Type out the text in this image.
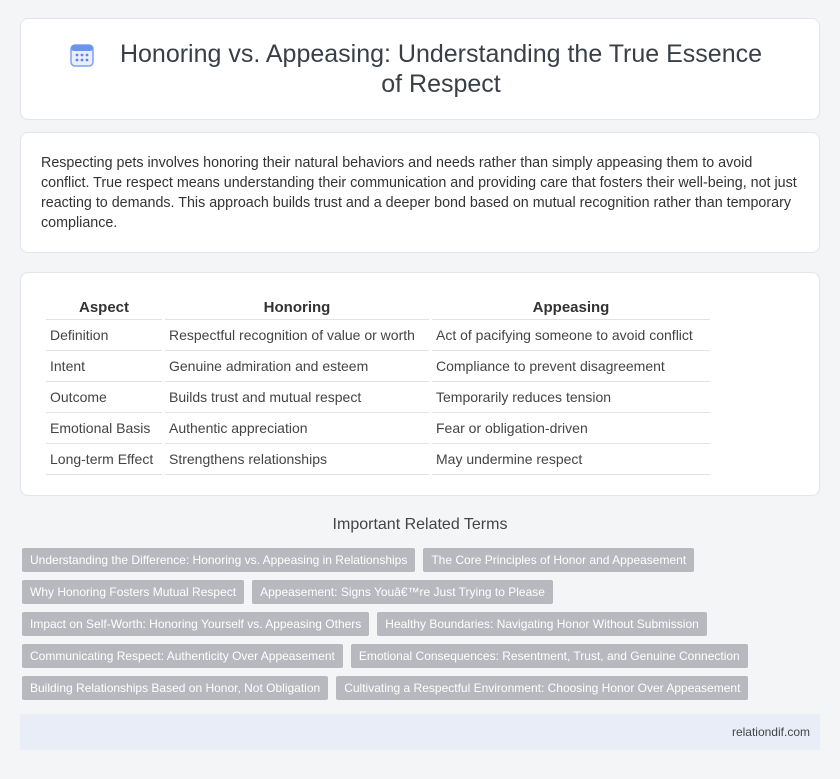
Honoring vs. Appeasing: Understanding the True Essence of Respect

Respecting pets involves honoring their natural behaviors and needs rather than simply appeasing them to avoid conflict. True respect means understanding their communication and providing care that fosters their well-being, not just reacting to demands. This approach builds trust and a deeper bond based on mutual recognition rather than temporary compliance.

Aspect	Honoring	Appeasing
Definition	Respectful recognition of value or worth	Act of pacifying someone to avoid conflict
Intent	Genuine admiration and esteem	Compliance to prevent disagreement
Outcome	Builds trust and mutual respect	Temporarily reduces tension
Emotional Basis	Authentic appreciation	Fear or obligation-driven
Long-term Effect	Strengthens relationships	May undermine respect
Important Related Terms
Understanding the Difference: Honoring vs. Appeasing in Relationships	The Core Principles of Honor and Appeasement
Why Honoring Fosters Mutual Respect	Appeasement: Signs Youâ€™re Just Trying to Please
Impact on Self-Worth: Honoring Yourself vs. Appeasing Others	Healthy Boundaries: Navigating Honor Without Submission
Communicating Respect: Authenticity Over Appeasement	Emotional Consequences: Resentment, Trust, and Genuine Connection
Building Relationships Based on Honor, Not Obligation	Cultivating a Respectful Environment: Choosing Honor Over Appeasement
relationdif.com
